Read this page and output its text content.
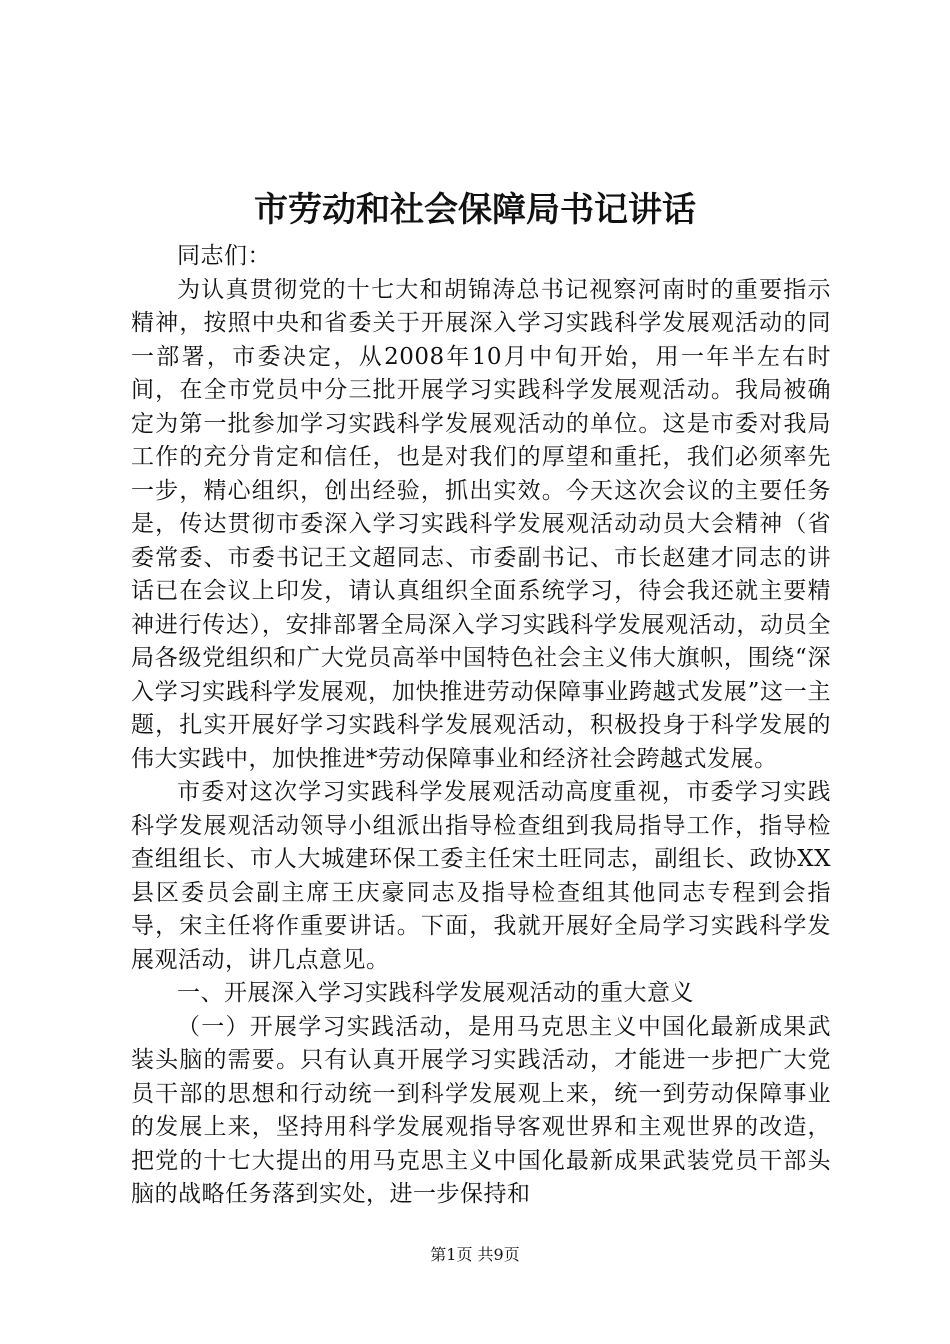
市劳动和社会保障局书记讲话

同志们：

为认真贯彻党的十七大和胡锦涛总书记视察河南时的重要指示精神，按照中央和省委关于开展深入学习实践科学发展观活动的同一部署，市委决定，从2008年10月中旬开始，用一年半左右时间，在全市党员中分三批开展学习实践科学发展观活动。我局被确定为第一批参加学习实践科学发展观活动的单位。这是市委对我局工作的充分肯定和信任，也是对我们的厚望和重托，我们必须率先一步，精心组织，创出经验，抓出实效。今天这次会议的主要任务是，传达贯彻市委深入学习实践科学发展观活动动员大会精神（省委常委、市委书记王文超同志、市委副书记、市长赵建才同志的讲话已在会议上印发，请认真组织全面系统学习，待会我还就主要精神进行传达），安排部署全局深入学习实践科学发展观活动，动员全局各级党组织和广大党员高举中国特色社会主义伟大旗帜，围绕“深入学习实践科学发展观，加快推进劳动保障事业跨越式发展”这一主题，扎实开展好学习实践科学发展观活动，积极投身于科学发展的伟大实践中，加快推进*劳动保障事业和经济社会跨越式发展。

市委对这次学习实践科学发展观活动高度重视，市委学习实践科学发展观活动领导小组派出指导检查组到我局指导工作，指导检查组组长、市人大城建环保工委主任宋土旺同志，副组长、政协XX县区委员会副主席王庆豪同志及指导检查组其他同志专程到会指导，宋主任将作重要讲话。下面，我就开展好全局学习实践科学发展观活动，讲几点意见。

一、开展深入学习实践科学发展观活动的重大意义

（一）开展学习实践活动，是用马克思主义中国化最新成果武装头脑的需要。只有认真开展学习实践活动，才能进一步把广大党员干部的思想和行动统一到科学发展观上来，统一到劳动保障事业的发展上来，坚持用科学发展观指导客观世界和主观世界的改造，把党的十七大提出的用马克思主义中国化最新成果武装党员干部头脑的战略任务落到实处，进一步保持和

第1页 共9页
